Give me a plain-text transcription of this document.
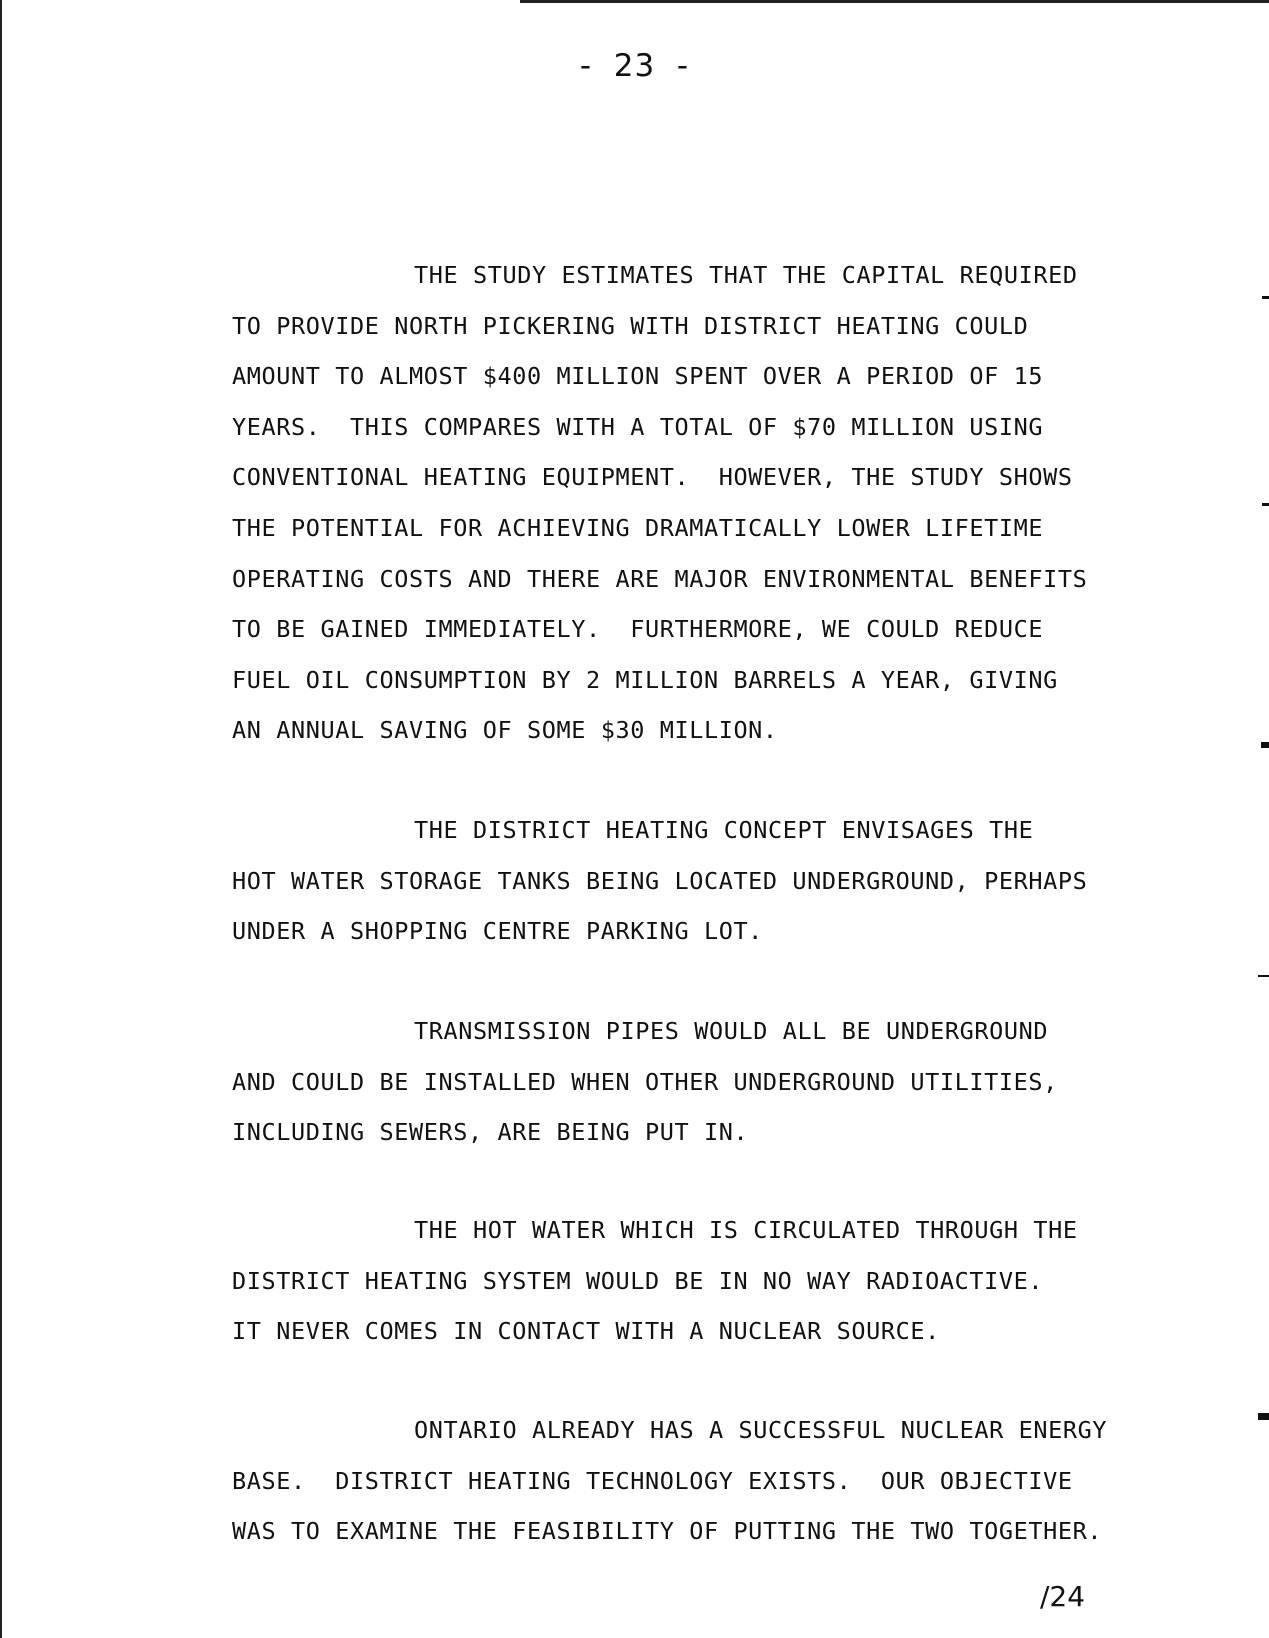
-  23  -
THE STUDY ESTIMATES THAT THE CAPITAL REQUIRED
TO PROVIDE NORTH PICKERING WITH DISTRICT HEATING COULD
AMOUNT TO ALMOST $400 MILLION SPENT OVER A PERIOD OF 15
YEARS.  THIS COMPARES WITH A TOTAL OF $70 MILLION USING
CONVENTIONAL HEATING EQUIPMENT.  HOWEVER, THE STUDY SHOWS
THE POTENTIAL FOR ACHIEVING DRAMATICALLY LOWER LIFETIME
OPERATING COSTS AND THERE ARE MAJOR ENVIRONMENTAL BENEFITS
TO BE GAINED IMMEDIATELY.  FURTHERMORE, WE COULD REDUCE
FUEL OIL CONSUMPTION BY 2 MILLION BARRELS A YEAR, GIVING
AN ANNUAL SAVING OF SOME $30 MILLION.
THE DISTRICT HEATING CONCEPT ENVISAGES THE
HOT WATER STORAGE TANKS BEING LOCATED UNDERGROUND, PERHAPS
UNDER A SHOPPING CENTRE PARKING LOT.
TRANSMISSION PIPES WOULD ALL BE UNDERGROUND
AND COULD BE INSTALLED WHEN OTHER UNDERGROUND UTILITIES,
INCLUDING SEWERS, ARE BEING PUT IN.
THE HOT WATER WHICH IS CIRCULATED THROUGH THE
DISTRICT HEATING SYSTEM WOULD BE IN NO WAY RADIOACTIVE.
IT NEVER COMES IN CONTACT WITH A NUCLEAR SOURCE.
ONTARIO ALREADY HAS A SUCCESSFUL NUCLEAR ENERGY
BASE.  DISTRICT HEATING TECHNOLOGY EXISTS.  OUR OBJECTIVE
WAS TO EXAMINE THE FEASIBILITY OF PUTTING THE TWO TOGETHER.
/24
